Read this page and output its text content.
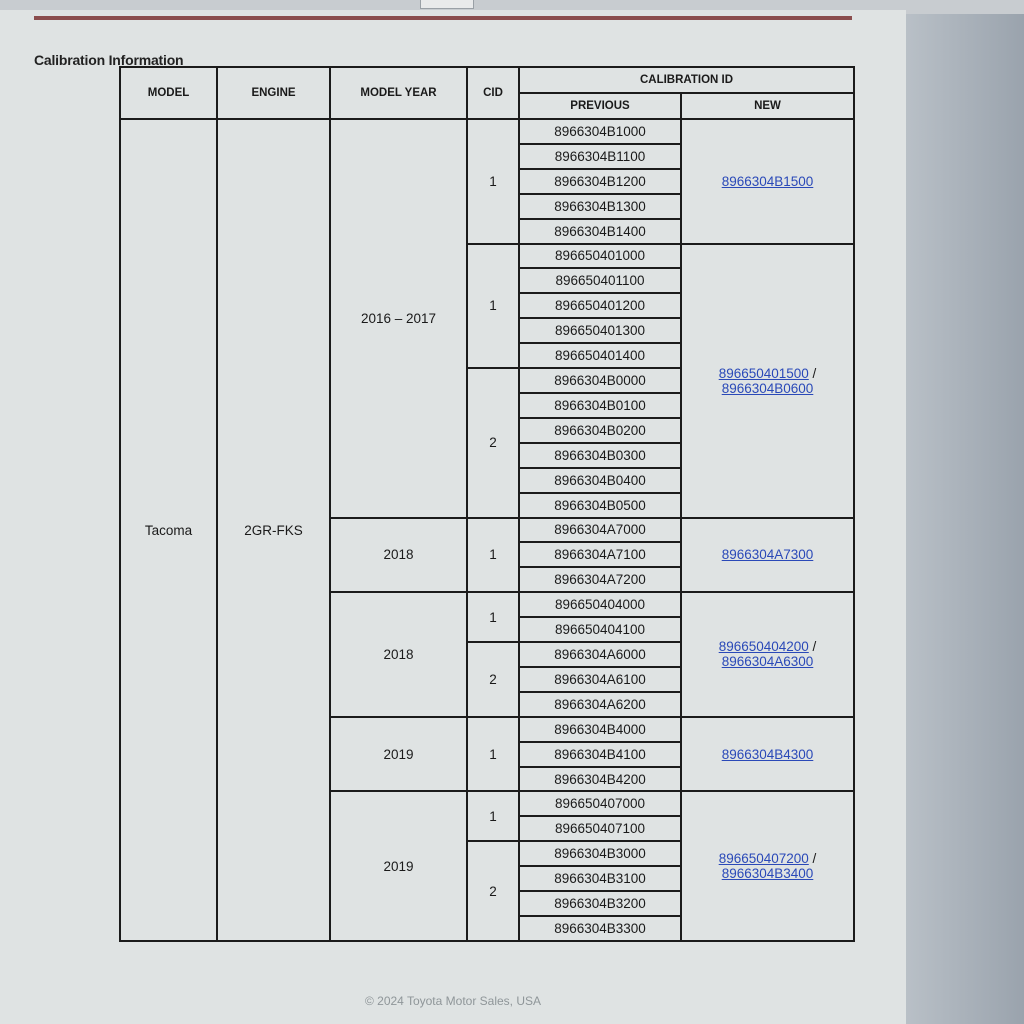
Calibration Information
MODEL	ENGINE	MODEL YEAR	CID	CALIBRATION ID	
				PREVIOUS	NEW
Tacoma	2GR-FKS	2016 – 2017	1	8966304B1000	8966304B1500
				8966304B1100	
				8966304B1200	
				8966304B1300	
				8966304B1400	
			1	896650401000	896650401500 /
8966304B0600
				896650401100	
				896650401200	
				896650401300	
				896650401400	
			2	8966304B0000	
				8966304B0100	
				8966304B0200	
				8966304B0300	
				8966304B0400	
				8966304B0500	
		2018	1	8966304A7000	8966304A7300
				8966304A7100	
				8966304A7200	
		2018	1	896650404000	896650404200 /
8966304A6300
				896650404100	
			2	8966304A6000	
				8966304A6100	
				8966304A6200	
		2019	1	8966304B4000	8966304B4300
				8966304B4100	
				8966304B4200	
		2019	1	896650407000	896650407200 /
8966304B3400
				896650407100	
			2	8966304B3000	
				8966304B3100	
				8966304B3200	
				8966304B3300	
© 2024 Toyota Motor Sales, USA
